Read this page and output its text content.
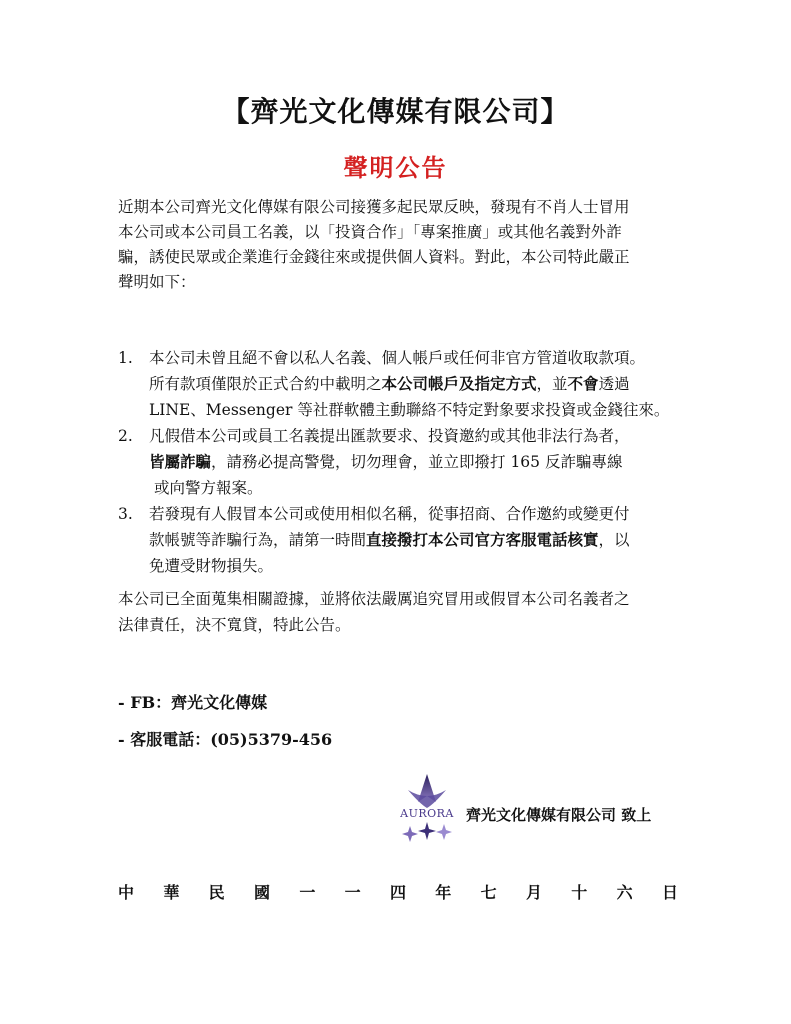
【齊光文化傳媒有限公司】
聲明公告

近期本公司齊光文化傳媒有限公司接獲多起民眾反映，發現有不肖人士冒用

本公司或本公司員工名義，以「投資合作」「專案推廣」或其他名義對外詐

騙，誘使民眾或企業進行金錢往來或提供個人資料。對此，本公司特此嚴正

聲明如下：

1. 本公司未曾且絕不會以私人名義、個人帳戶或任何非官方管道收取款項。
所有款項僅限於正式合約中載明之本公司帳戶及指定方式，並不會透過
LINE、Messenger 等社群軟體主動聯絡不特定對象要求投資或金錢往來。
2. 凡假借本公司或員工名義提出匯款要求、投資邀約或其他非法行為者，
皆屬詐騙，請務必提高警覺，切勿理會，並立即撥打 165 反詐騙專線
或向警方報案。
3. 若發現有人假冒本公司或使用相似名稱，從事招商、合作邀約或變更付
款帳號等詐騙行為，請第一時間直接撥打本公司官方客服電話核實，以
免遭受財物損失。
本公司已全面蒐集相關證據，並將依法嚴厲追究冒用或假冒本公司名義者之
法律責任，決不寬貸，特此公告。
- FB：齊光文化傳媒
- 客服電話：(05)5379-456
AURORA 齊光文化傳媒有限公司 致上
中 華 民 國 一 一 四 年 七 月 十 六 日
